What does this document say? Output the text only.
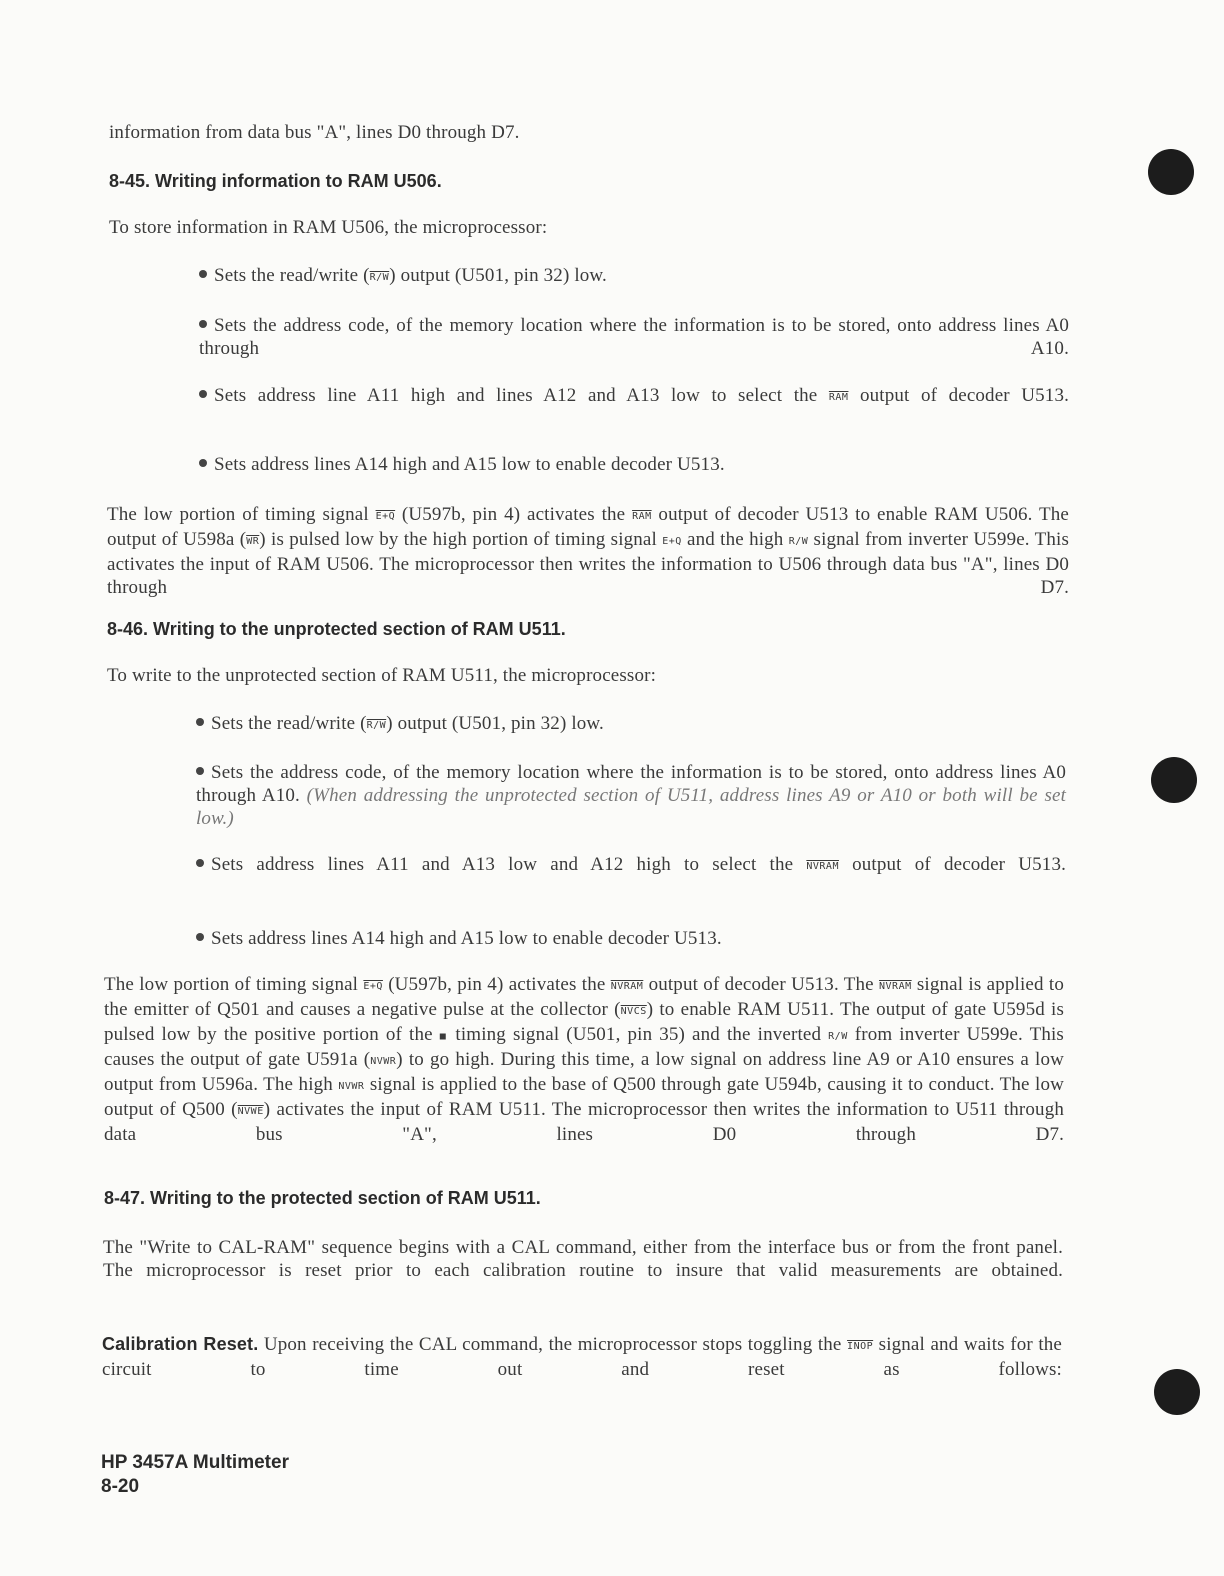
information from data bus "A", lines D0 through D7.
8-45. Writing information to RAM U506.
To store information in RAM U506, the microprocessor:
Sets the read/write (R/W) output (U501, pin 32) low.
Sets the address code, of the memory location where the information is to be stored, onto address lines A0 through A10.
Sets address line A11 high and lines A12 and A13 low to select the $\overline{RAM}$ output of decoder U513.
Sets address lines A14 high and A15 low to enable decoder U513.
The low portion of timing signal E+Q (U597b, pin 4) activates the $\overline{RAM}$ output of decoder U513 to enable RAM U506. The output of U598a $(\overline{WR})$ is pulsed low by the high portion of timing signal E+Q and the high R/W signal from inverter U599e. This activates the input of RAM U506. The microprocessor then writes the information to U506 through data bus "A", lines D0 through D7.
8-46. Writing to the unprotected section of RAM U511.
To write to the unprotected section of RAM U511, the microprocessor:
Sets the read/write (R/W) output (U501, pin 32) low.
Sets the address code, of the memory location where the information is to be stored, onto address lines A0 through A10. (When addressing the unprotected section of U511, address lines A9 or A10 or both will be set low.)
Sets address lines A11 and A13 low and A12 high to select the NVRAM output of decoder U513.
Sets address lines A14 high and A15 low to enable decoder U513.
The low portion of timing signal E+Q (U597b, pin 4) activates the NVRAM output of decoder U513. The NVRAM signal is applied to the emitter of Q501 and causes a negative pulse at the collector (NVCS) to enable RAM U511. The output of gate U595d is pulsed low by the positive portion of the ■ timing signal (U501, pin 35) and the inverted R/W from inverter U599e. This causes the output of gate U591a (NVWR) to go high. During this time, a low signal on address line A9 or A10 ensures a low output from U596a. The high NVWR signal is applied to the base of Q500 through gate U594b, causing it to conduct. The low output of Q500 (NVWE) activates the input of RAM U511. The microprocessor then writes the information to U511 through data bus "A", lines D0 through D7.
8-47. Writing to the protected section of RAM U511.
The "Write to CAL-RAM" sequence begins with a CAL command, either from the interface bus or from the front panel. The microprocessor is reset prior to each calibration routine to insure that valid measurements are obtained.
Calibration Reset. Upon receiving the CAL command, the microprocessor stops toggling the INOP signal and waits for the circuit to time out and reset as follows:
HP 3457A Multimeter
8-20
